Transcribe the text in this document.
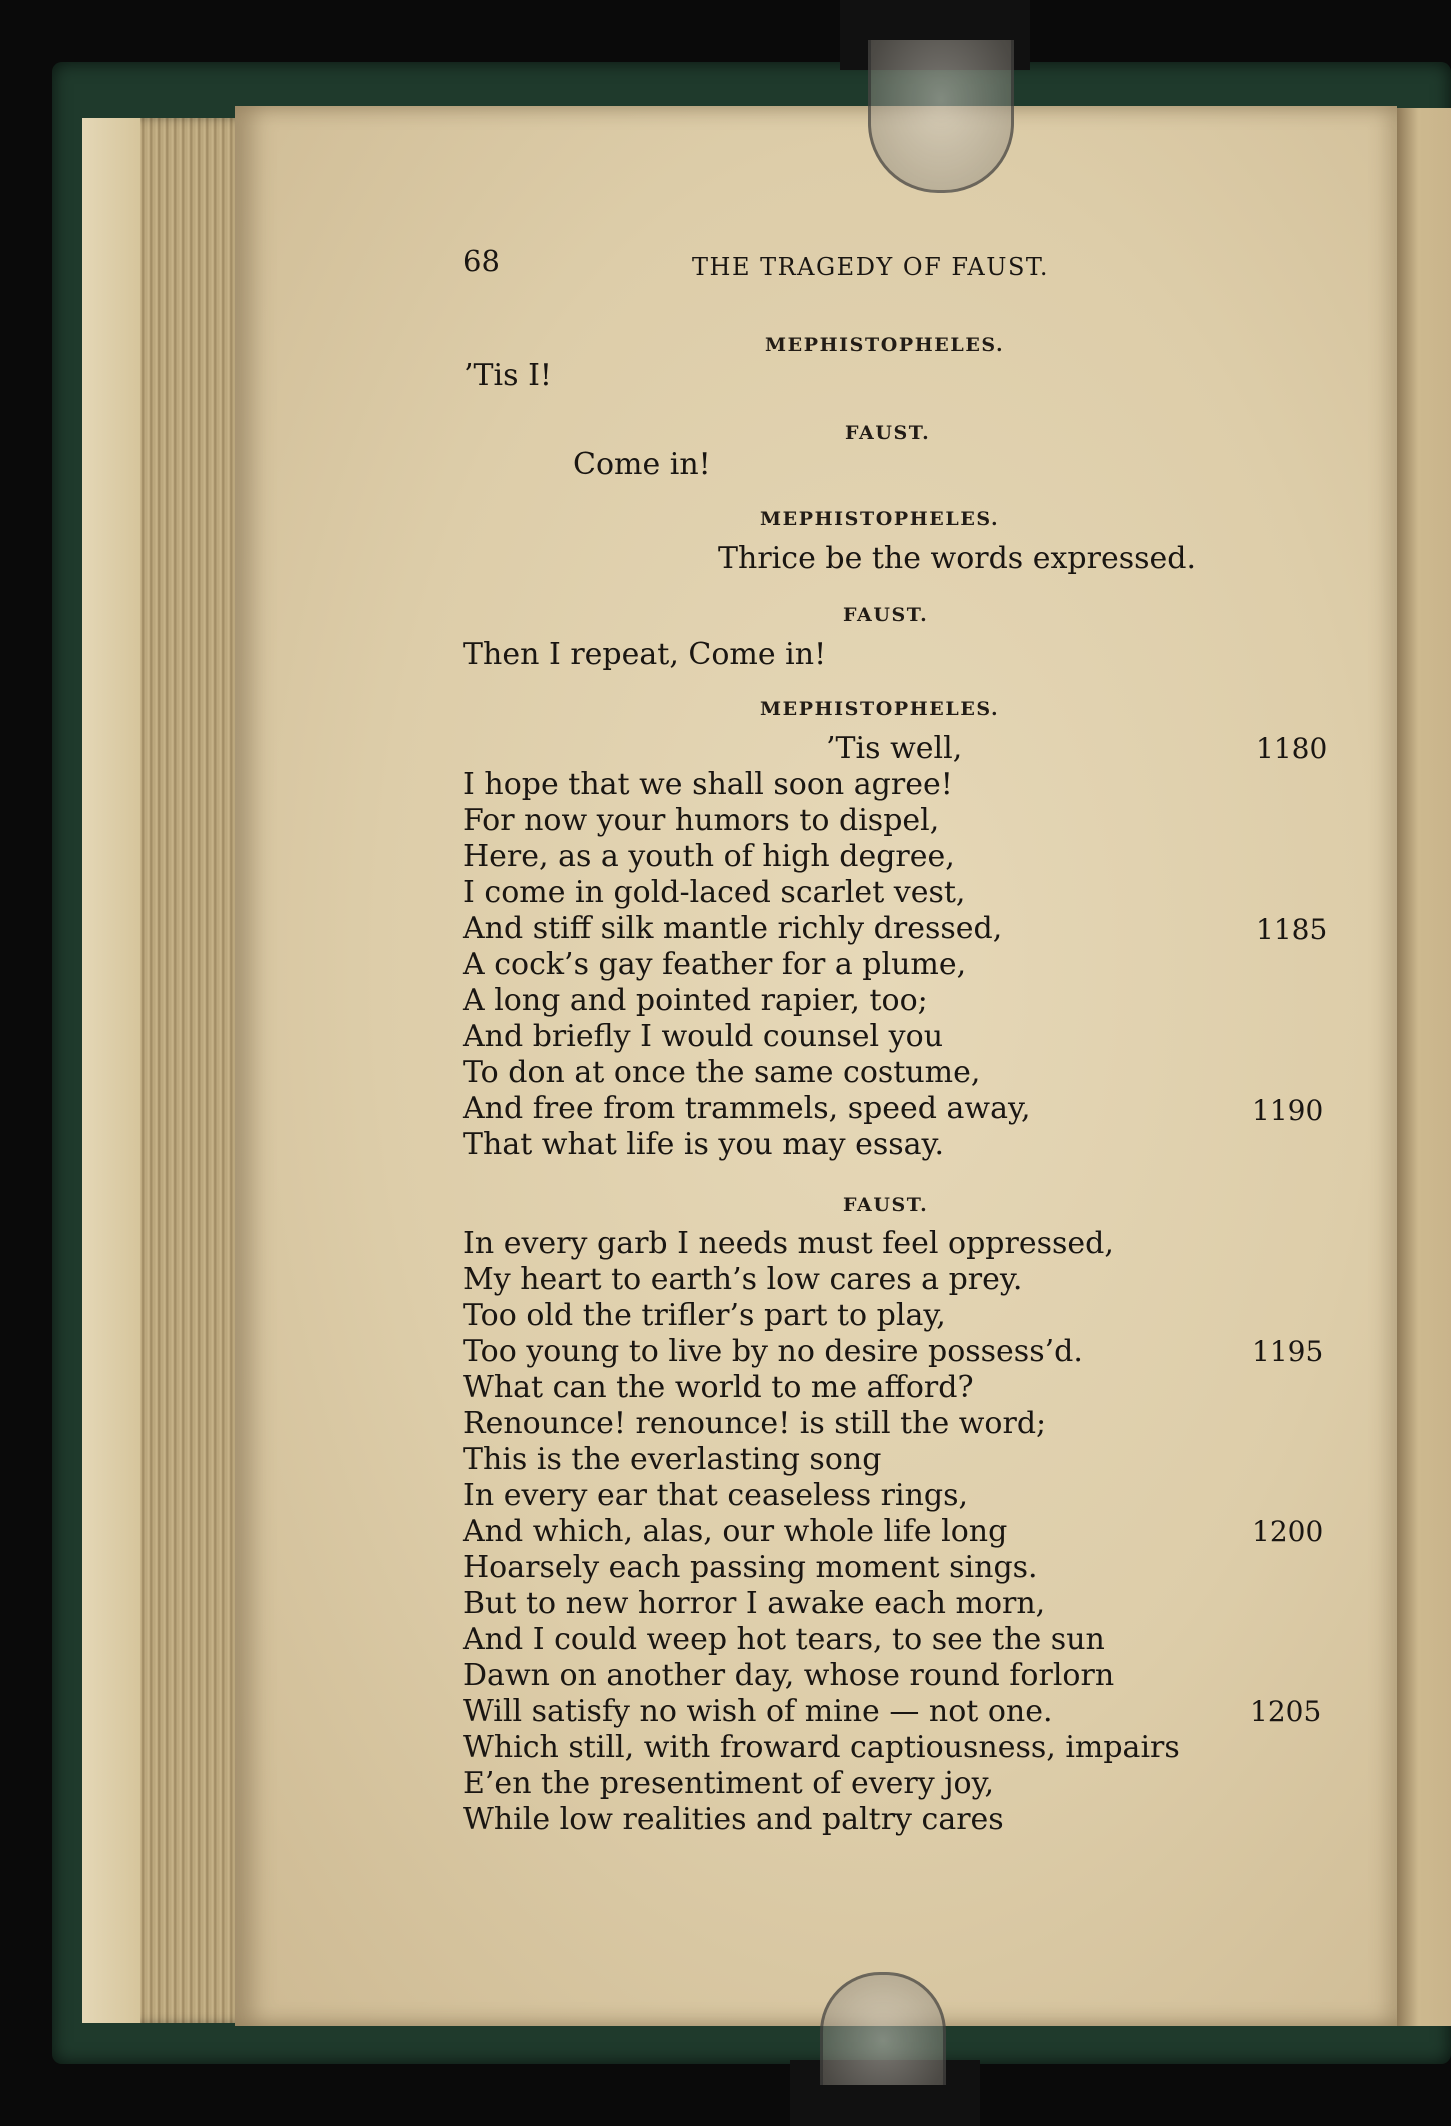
68	THE TRAGEDY OF FAUST.
MEPHISTOPHELES.
’Tis I!
FAUST.
Come in!
MEPHISTOPHELES.
Thrice be the words expressed.
FAUST.
Then I repeat, Come in!
MEPHISTOPHELES.
’Tis well,
I hope that we shall soon agree!
For now your humors to dispel,
Here, as a youth of high degree,
I come in gold-laced scarlet vest,
And stiff silk mantle richly dressed,
A cock’s gay feather for a plume,
A long and pointed rapier, too;
And briefly I would counsel you
To don at once the same costume,
And free from trammels, speed away,
That what life is you may essay.
FAUST.
In every garb I needs must feel oppressed,
My heart to earth’s low cares a prey.
Too old the trifler’s part to play,
Too young to live by no desire possess’d.
What can the world to me afford?
Renounce! renounce! is still the word;
This is the everlasting song
In every ear that ceaseless rings,
And which, alas, our whole life long
Hoarsely each passing moment sings.
But to new horror I awake each morn,
And I could weep hot tears, to see the sun
Dawn on another day, whose round forlorn
Will satisfy no wish of mine — not one.
Which still, with froward captiousness, impairs
E’en the presentiment of every joy,
While low realities and paltry cares
1180
1185
1190
1195
1200
1205
